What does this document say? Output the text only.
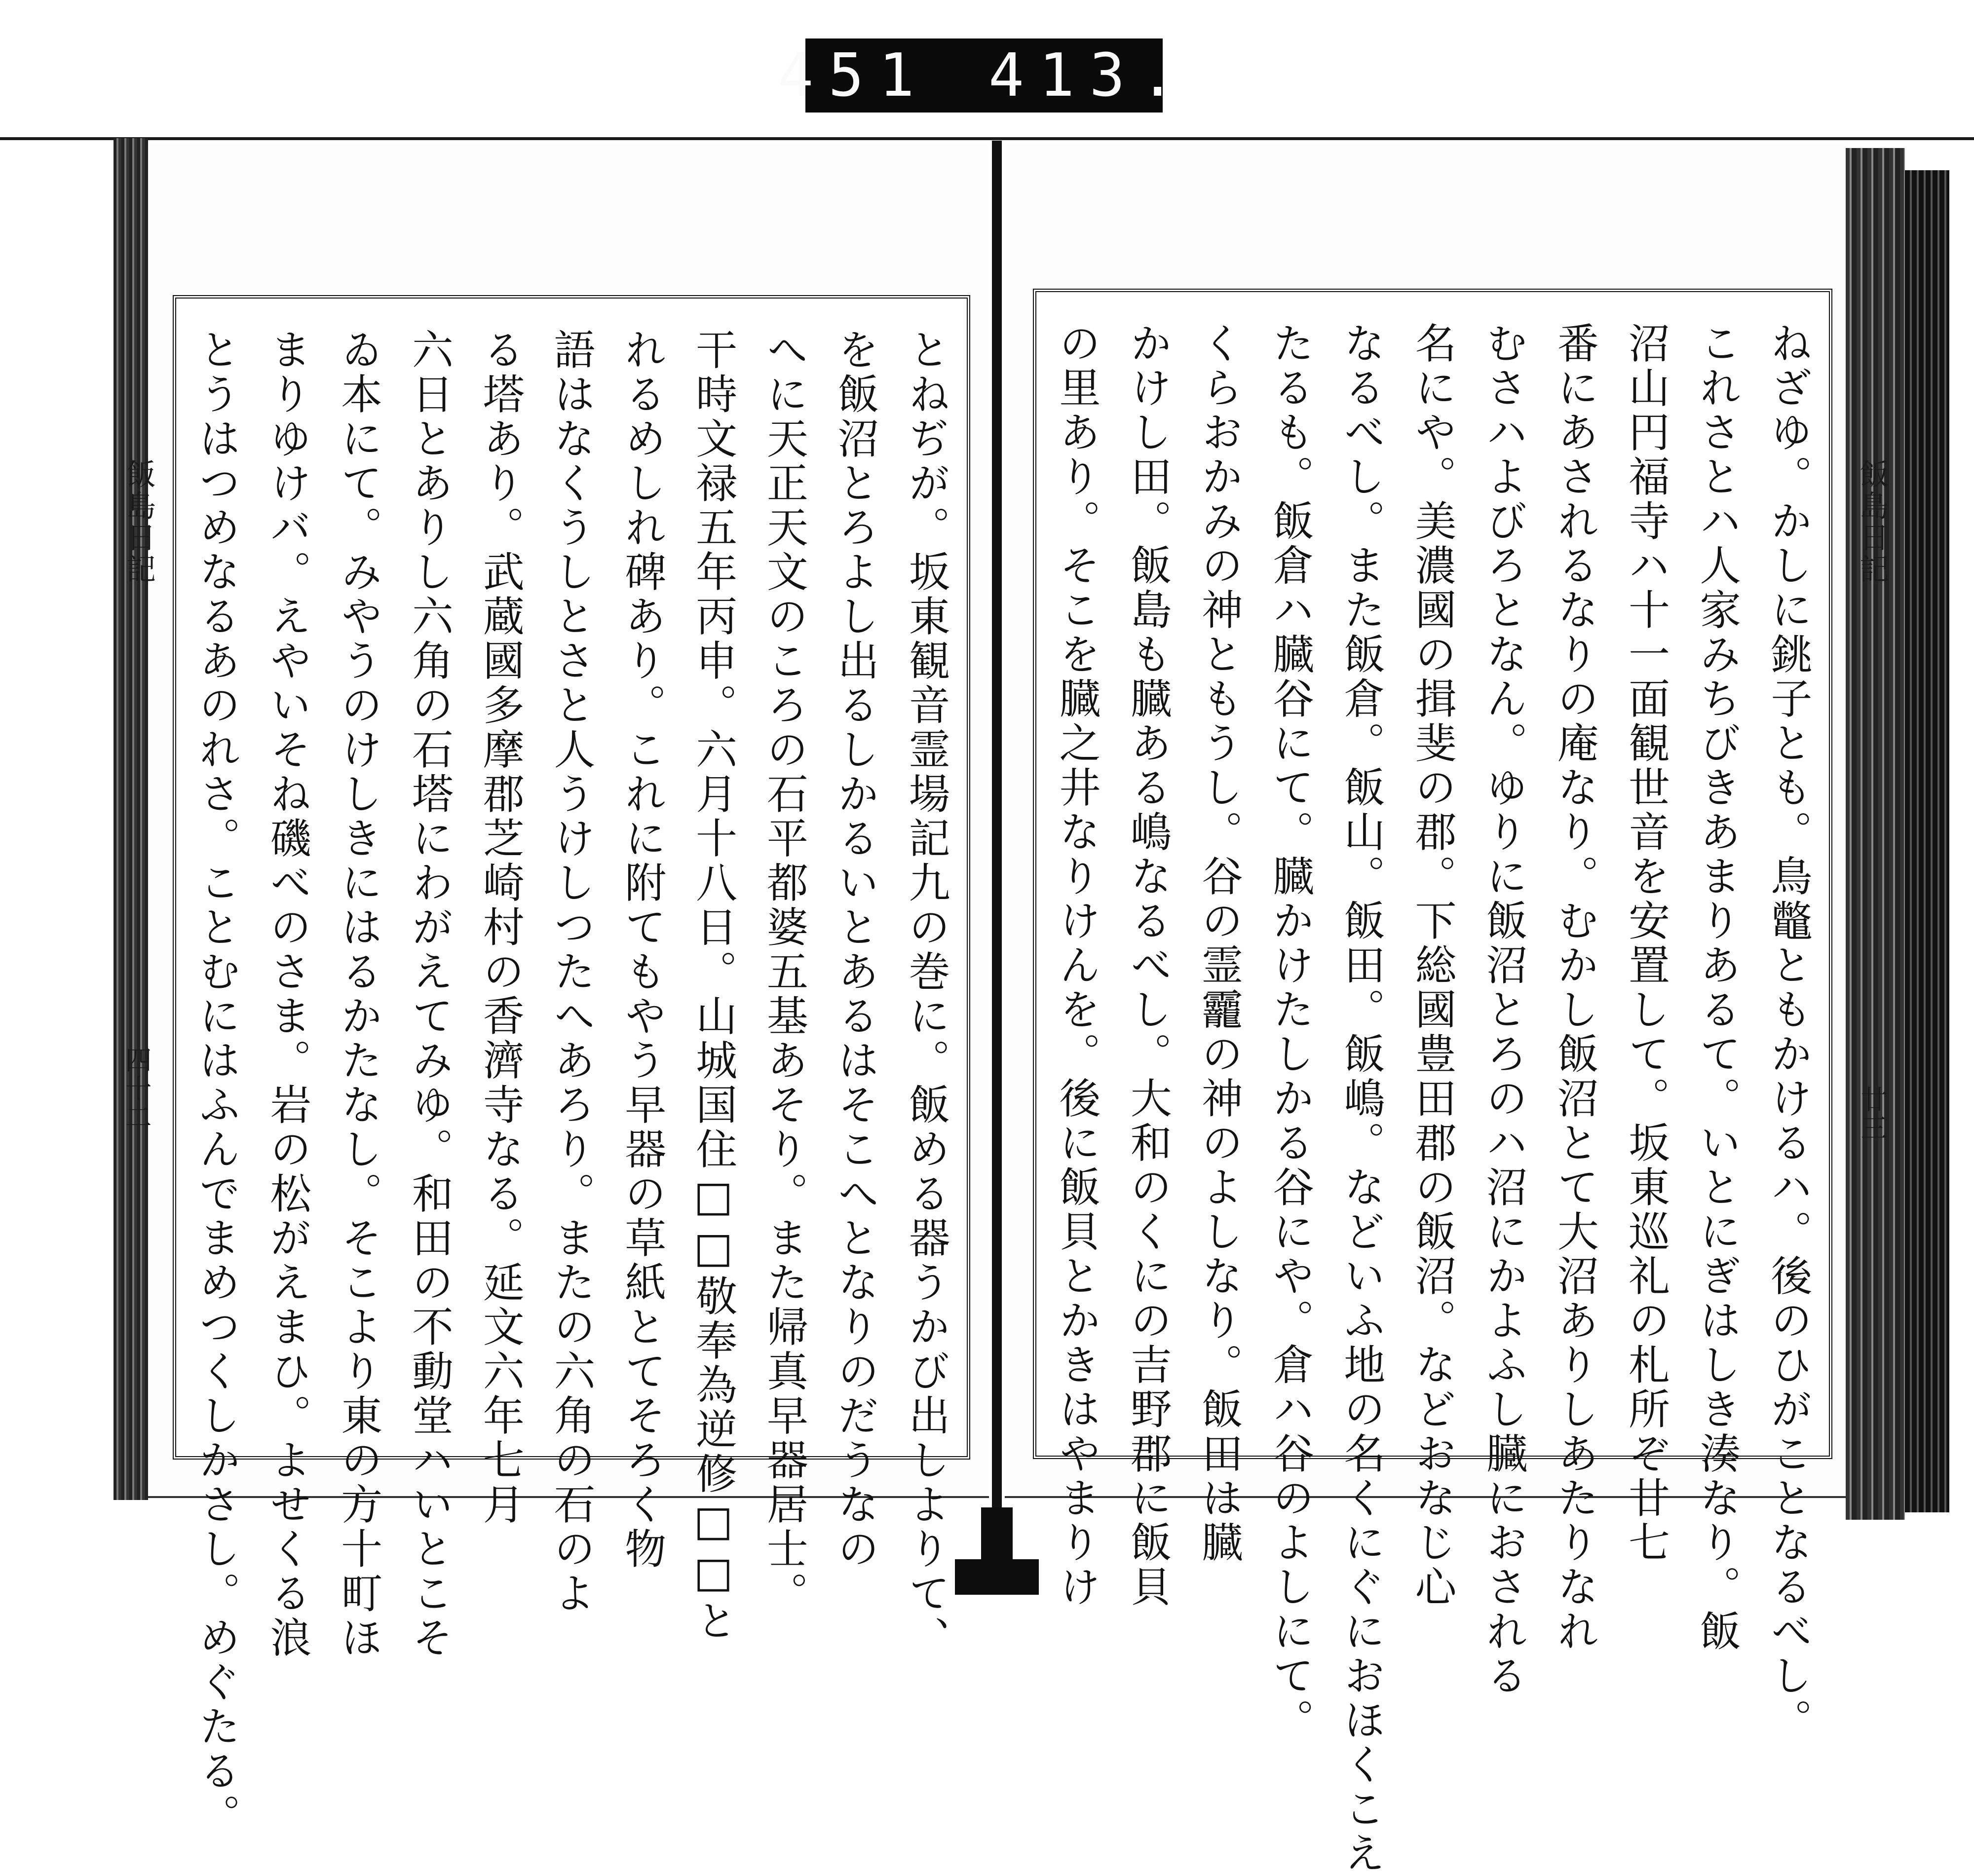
451 413.
とねぢが。坂東観音霊場記九の巻に。飯める器うかび出しよりて、
を飯沼とろよし出るしかるいとあるはそこへとなりのだうなの
へに天正天文のころの石平都婆五基あそり。また帰真早器居士。
干時文禄五年丙申。六月十八日。山城国住□□敬奉為逆修□□と
れるめしれ碑あり。これに附てもやう早器の草紙とてそろく物
語はなくうしとさと人うけしつたへあろり。またの六角の石のよ
る塔あり。武蔵國多摩郡芝崎村の香濟寺なる。延文六年七月
六日とありし六角の石塔にわがえてみゆ。和田の不動堂ハいとこそ
ゐ本にて。みやうのけしきにはるかたなし。そこより東の方十町ほ
まりゆけバ。えやいそね磯べのさま。岩の松がえまひ。よせくる浪
とうはつめなるあのれさ。ことむにはふんでまめつくしかさし。めぐたる。	ねざゆ。かしに銚子とも。鳥鼈ともかけるハ。後のひがことなるべし。
これさとハ人家みちびきあまりあるて。いとにぎはしき湊なり。飯
沼山円福寺ハ十一面観世音を安置して。坂東巡礼の札所ぞ廿七
番にあされるなりの庵なり。むかし飯沼とて大沼ありしあたりなれ
むさハよびろとなん。ゆりに飯沼とろのハ沼にかよふし臓におされる
名にや。美濃國の揖斐の郡。下総國豊田郡の飯沼。などおなじ心
なるべし。また飯倉。飯山。飯田。飯嶋。などいふ地の名くにぐにおほくこえ
たるも。飯倉ハ臓谷にて。臓かけたしかる谷にや。倉ハ谷のよしにて。
くらおかみの神ともうし。谷の霊龗の神のよしなり。飯田は臓
かけし田。飯島も臓ある嶋なるべし。大和のくにの吉野郡に飯貝
の里あり。そこを臓之井なりけんを。後に飯貝とかきはやまりけ
飯島日記
四十二
飯島日記
廿三
